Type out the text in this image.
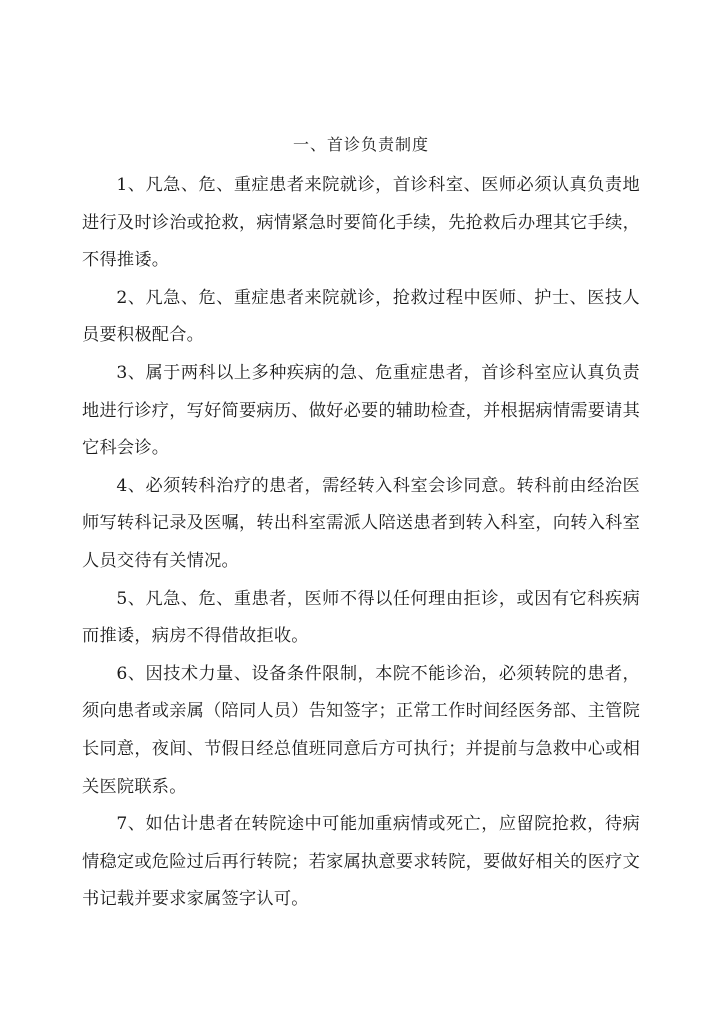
一、首诊负责制度

1、凡急、危、重症患者来院就诊，首诊科室、医师必须认真负责地进行及时诊治或抢救，病情紧急时要简化手续，先抢救后办理其它手续，不得推诿。

2、凡急、危、重症患者来院就诊，抢救过程中医师、护士、医技人员要积极配合。

3、属于两科以上多种疾病的急、危重症患者，首诊科室应认真负责地进行诊疗，写好简要病历、做好必要的辅助检查，并根据病情需要请其它科会诊。

4、必须转科治疗的患者，需经转入科室会诊同意。转科前由经治医师写转科记录及医嘱，转出科室需派人陪送患者到转入科室，向转入科室人员交待有关情况。

5、凡急、危、重患者，医师不得以任何理由拒诊，或因有它科疾病而推诿，病房不得借故拒收。

6、因技术力量、设备条件限制，本院不能诊治，必须转院的患者，须向患者或亲属（陪同人员）告知签字；正常工作时间经医务部、主管院长同意，夜间、节假日经总值班同意后方可执行；并提前与急救中心或相关医院联系。

7、如估计患者在转院途中可能加重病情或死亡，应留院抢救，待病情稳定或危险过后再行转院；若家属执意要求转院，要做好相关的医疗文书记载并要求家属签字认可。
